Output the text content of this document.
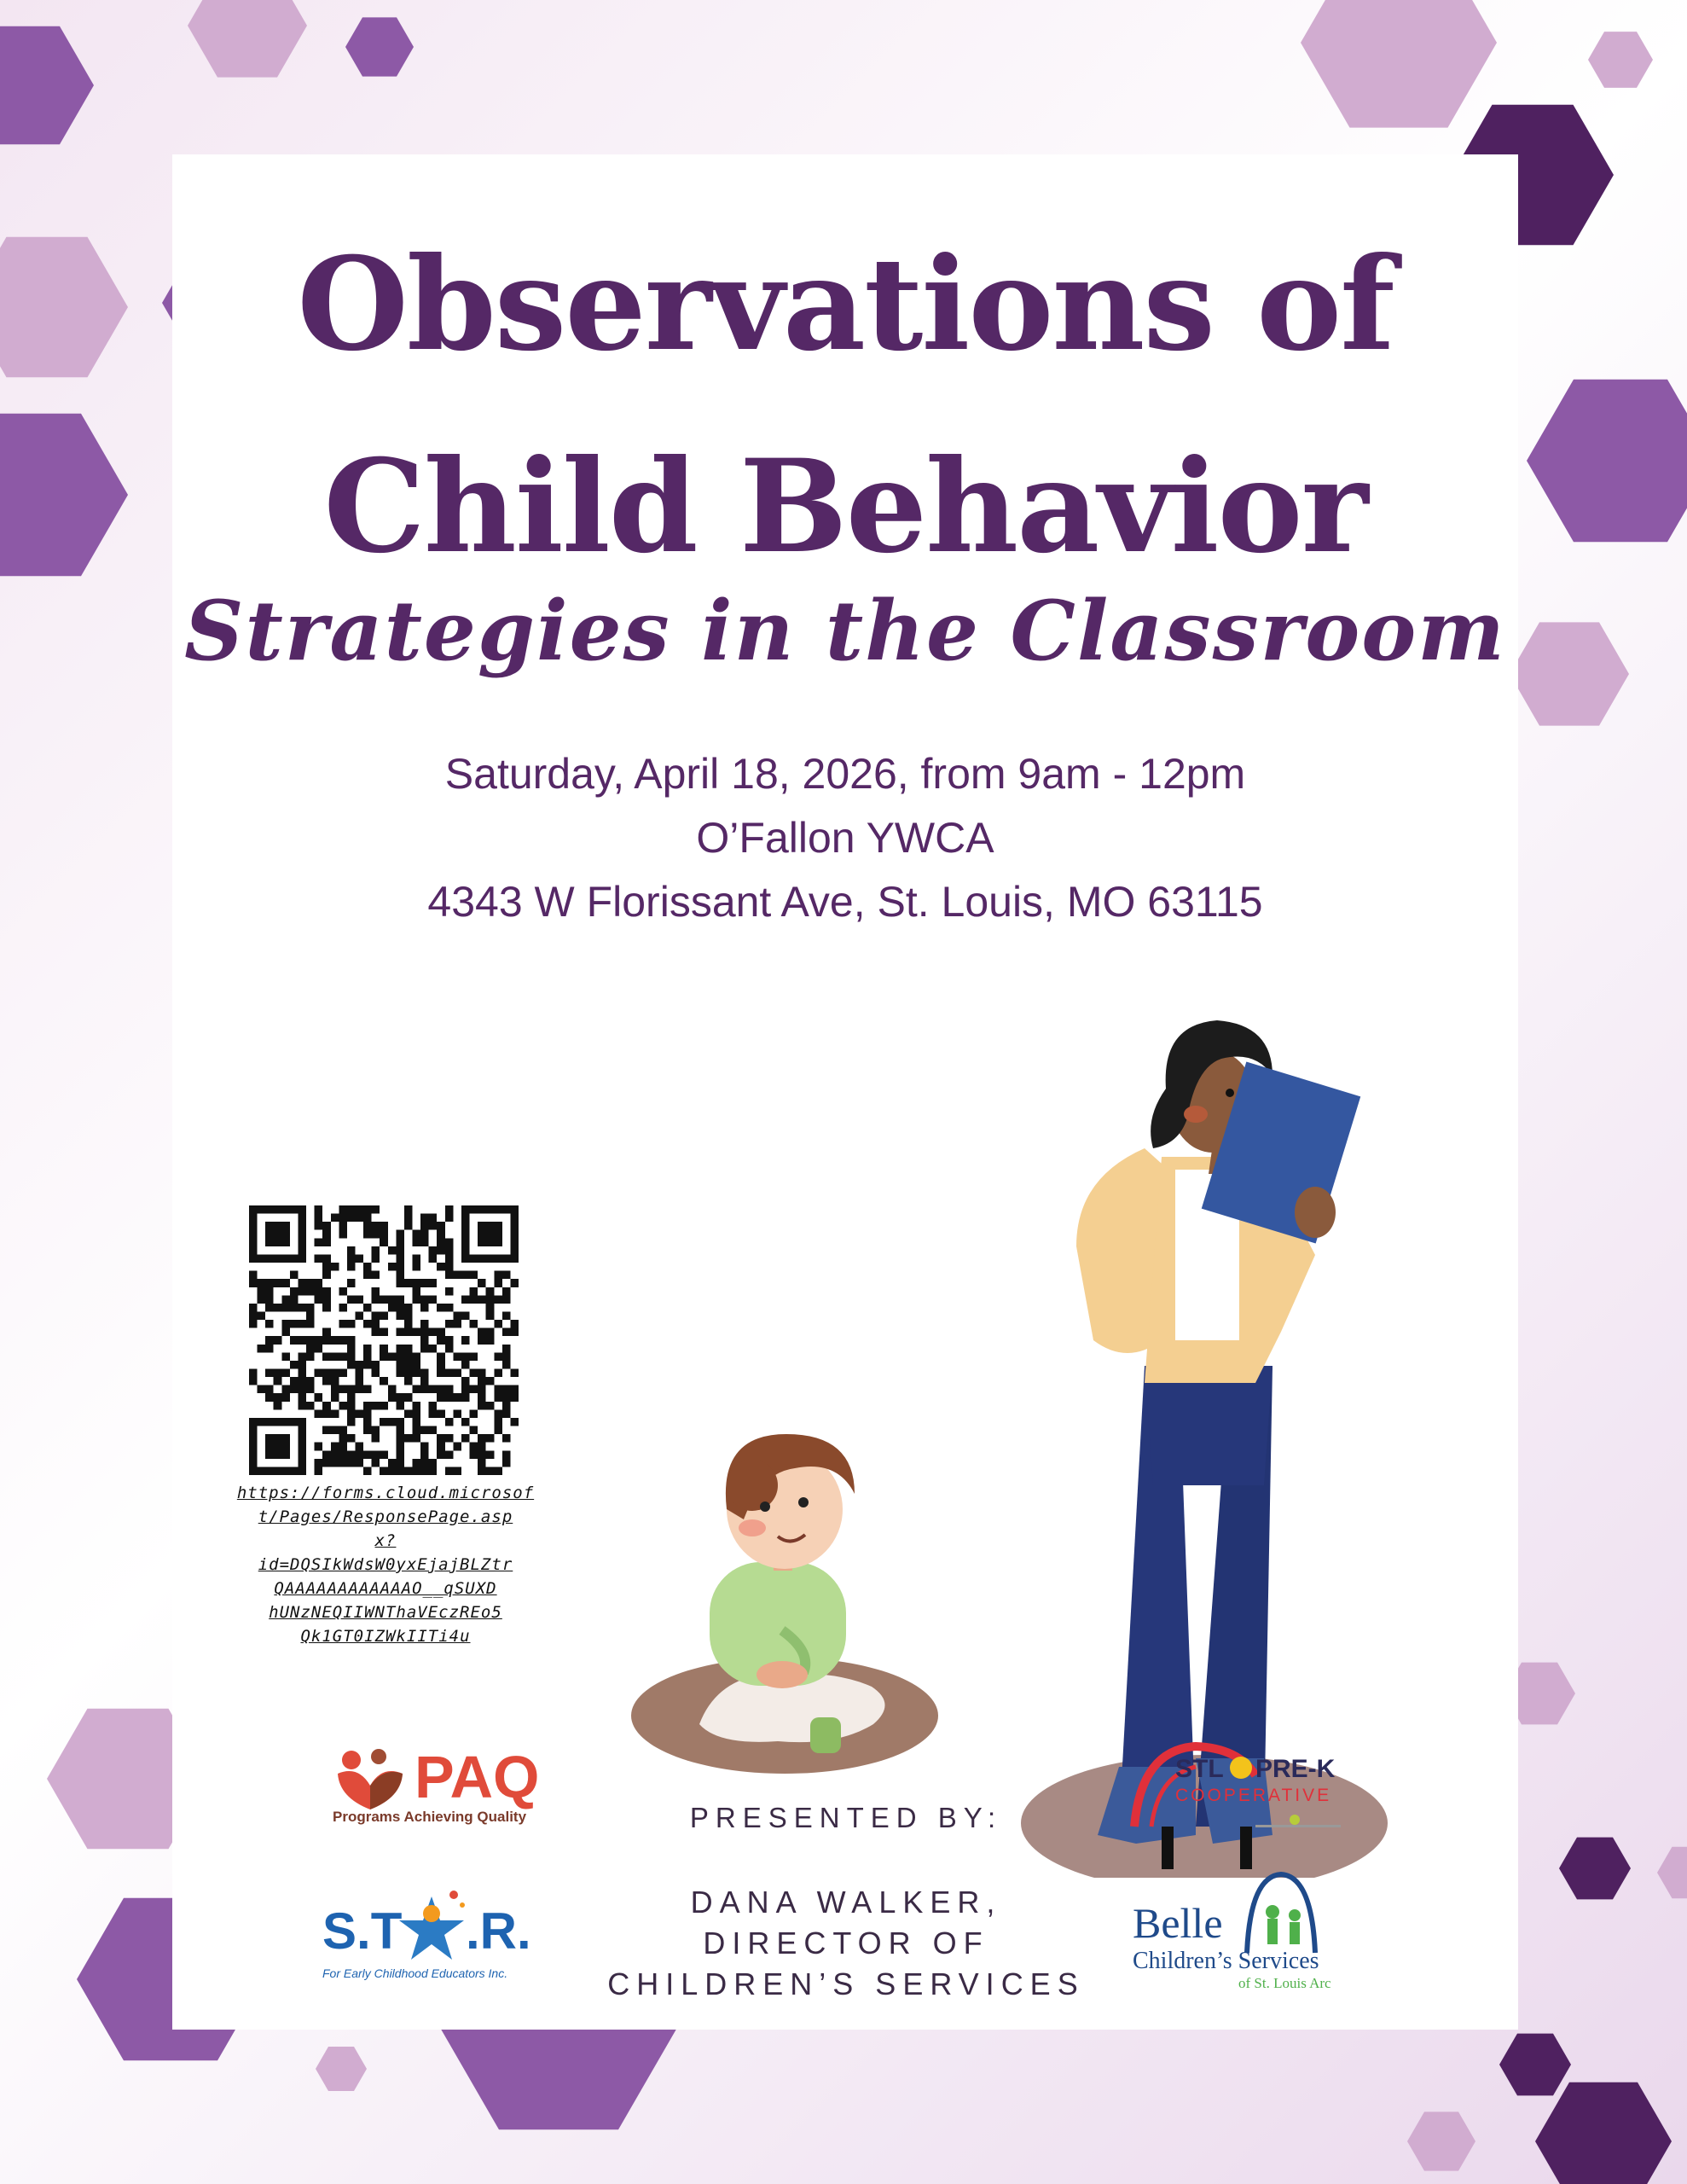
Observations of
Child Behavior
Strategies in the Classroom
Saturday, April 18, 2026, from 9am - 12pm
O’Fallon YWCA
4343 W Florissant Ave, St. Louis, MO 63115
https://forms.cloud.microsof
t/Pages/ResponsePage.asp
x?
id=DQSIkWdsW0yxEjajBLZtr
QAAAAAAAAAAAAO__qSUXD
hUNzNEQIIWNThaVEczREo5
Qk1GT0IZWkIITi4u
PAQ
Programs Achieving Quality
S.T .R.
For Early Childhood Educators Inc.
STL PRE-K
COOPERATIVE
Belle
Children’s Services
of St. Louis Arc
PRESENTED BY:
DANA WALKER,
DIRECTOR OF
CHILDREN’S SERVICES
